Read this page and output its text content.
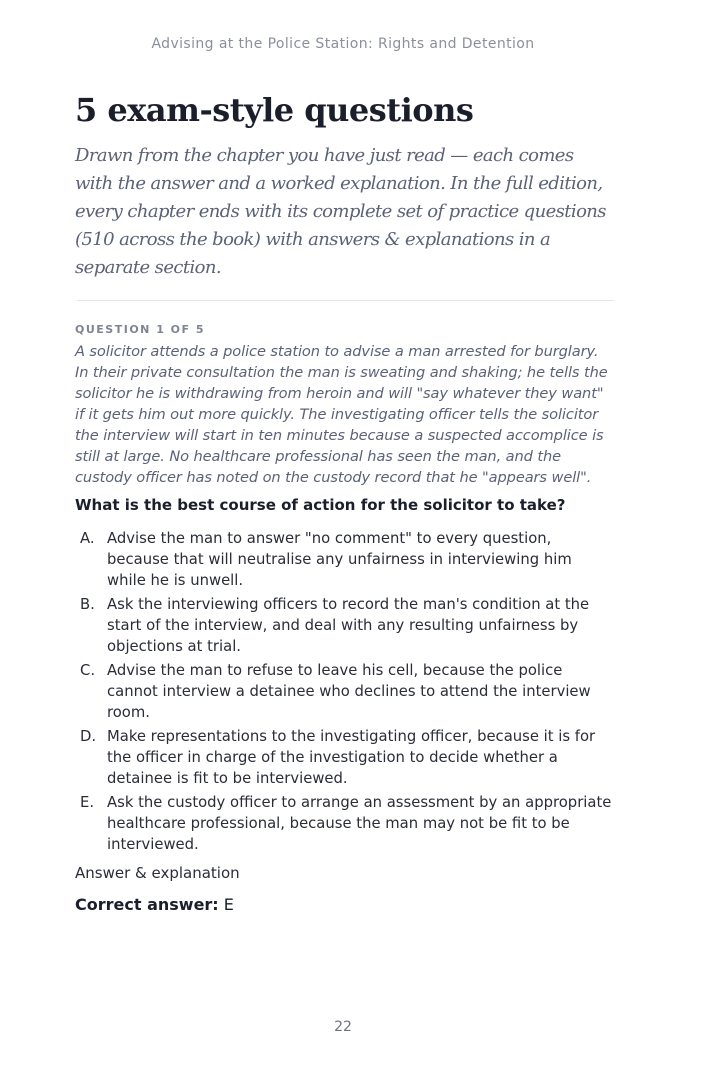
Advising at the Police Station: Rights and Detention
5 exam-style questions

Drawn from the chapter you have just read — each comes with the answer and a worked explanation. In the full edition, every chapter ends with its complete set of practice questions (510 across the book) with answers & explanations in a separate section.

QUESTION 1 OF 5
A solicitor attends a police station to advise a man arrested for burglary. In their private consultation the man is sweating and shaking; he tells the solicitor he is withdrawing from heroin and will "say whatever they want" if it gets him out more quickly. The investigating officer tells the solicitor the interview will start in ten minutes because a suspected accomplice is still at large. No healthcare professional has seen the man, and the custody officer has noted on the custody record that he "appears well".
What is the best course of action for the solicitor to take?
A. Advise the man to answer "no comment" to every question, because that will neutralise any unfairness in interviewing him while he is unwell.
B. Ask the interviewing officers to record the man's condition at the start of the interview, and deal with any resulting unfairness by objections at trial.
C. Advise the man to refuse to leave his cell, because the police cannot interview a detainee who declines to attend the interview room.
D. Make representations to the investigating officer, because it is for the officer in charge of the investigation to decide whether a detainee is fit to be interviewed.
E. Ask the custody officer to arrange an assessment by an appropriate healthcare professional, because the man may not be fit to be interviewed.
Answer & explanation
Correct answer: E
22
